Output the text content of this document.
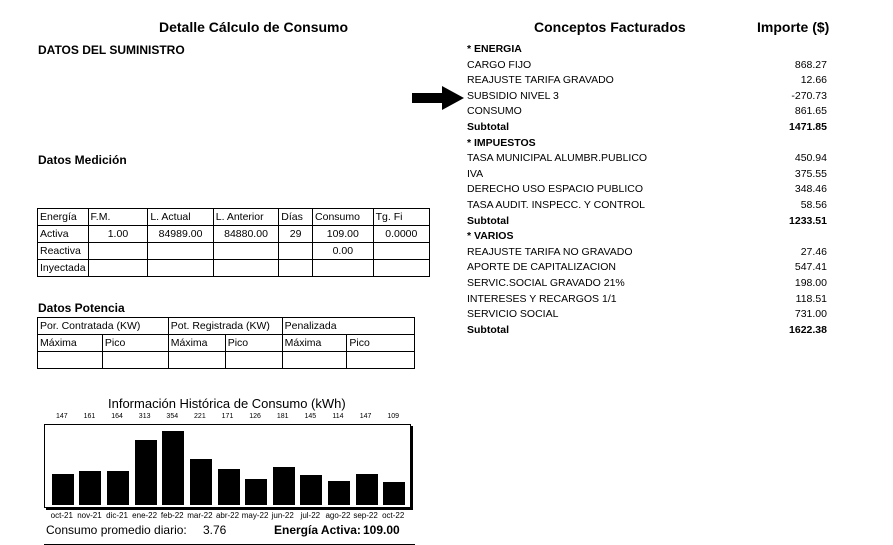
Detalle Cálculo de Consumo
DATOS DEL SUMINISTRO
Datos Medición
Energía	F.M.	L. Actual	L. Anterior	Días	Consumo	Tg. Fi
Activa	1.00	84989.00	84880.00	29	109.00	0.0000
Reactiva					0.00	
Inyectada						
Datos Potencia
Por. Contratada (KW)		Pot. Registrada (KW)		Penalizada	
Máxima	Pico	Máxima	Pico	Máxima	Pico

Información Histórica de Consumo (kWh)
147	161	164	313	354	221	171	126	181	145	114	147	109
oct-21 nov-21 dic-21 ene-22 feb-22 mar-22 abr-22 may-22 jun-22 jul-22 ago-22 sep-22 oct-22
Consumo promedio diario: 3.76	Energía Activa: 109.00
Conceptos Facturados	Importe ($)
* ENERGIA
CARGO FIJO	868.27
REAJUSTE TARIFA GRAVADO	12.66
SUBSIDIO NIVEL 3	-270.73
CONSUMO	861.65
Subtotal	1471.85
* IMPUESTOS
TASA MUNICIPAL ALUMBR.PUBLICO	450.94
IVA	375.55
DERECHO USO ESPACIO PUBLICO	348.46
TASA AUDIT. INSPECC. Y CONTROL	58.56
Subtotal	1233.51
* VARIOS
REAJUSTE TARIFA NO GRAVADO	27.46
APORTE DE CAPITALIZACION	547.41
SERVIC.SOCIAL GRAVADO 21%	198.00
INTERESES Y RECARGOS 1/1	118.51
SERVICIO SOCIAL	731.00
Subtotal	1622.38
